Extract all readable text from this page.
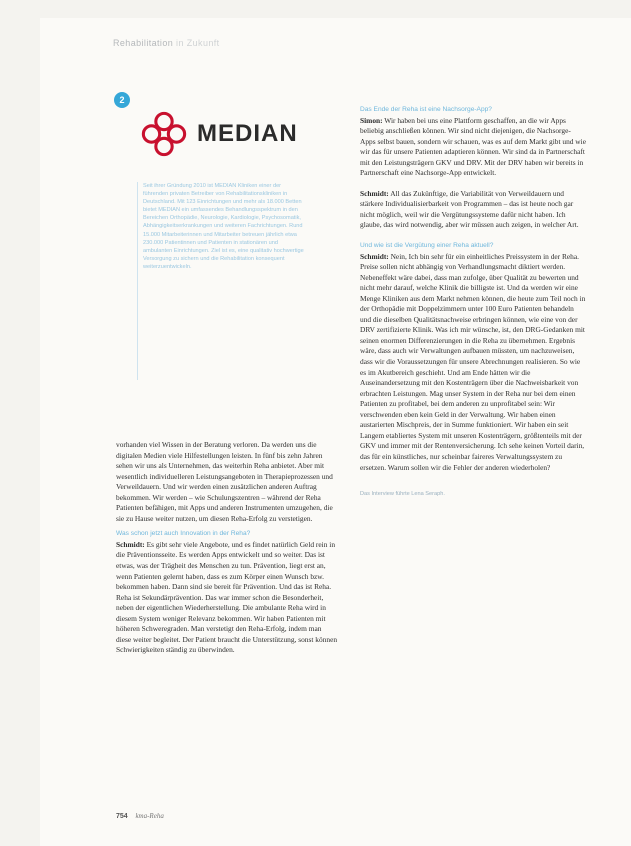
Rehabilitation in Zukunft
2
MEDIAN
Seit ihrer Gründung 2010 ist MEDIAN Kliniken einer der führenden privaten Betreiber von Rehabilitationskliniken in Deutschland. Mit 123 Einrichtungen und mehr als 18.000 Betten bietet MEDIAN ein umfassendes Behandlungsspektrum in den Bereichen Orthopädie, Neurologie, Kardiologie, Psychosomatik, Abhängigkeitserkrankungen und weiteren Fachrichtungen. Rund 15.000 Mitarbeiterinnen und Mitarbeiter betreuen jährlich etwa 230.000 Patientinnen und Patienten in stationären und ambulanten Einrichtungen. Ziel ist es, eine qualitativ hochwertige Versorgung zu sichern und die Rehabilitation konsequent weiterzuentwickeln.

vorhanden viel Wissen in der Beratung verloren. Da werden uns die digitalen Medien viele Hilfestellungen leisten. In fünf bis zehn Jahren sehen wir uns als Unternehmen, das weiterhin Reha anbietet. Aber mit wesentlich individuelleren Leistungsangeboten in Therapieprozessen und Verweildauern. Und wir werden einen zusätzlichen anderen Auftrag bekommen. Wir werden – wie Schulungszentren – während der Reha Patienten befähigen, mit Apps und anderen Instrumenten umzugehen, die sie zu Hause weiter nutzen, um diesen Reha-Erfolg zu verstetigen.

Was schon jetzt auch Innovation in der Reha?

Schmidt: Es gibt sehr viele Angebote, und es findet natürlich Geld rein in die Präventionsseite. Es werden Apps entwickelt und so weiter. Das ist etwas, was der Trägheit des Menschen zu tun. Prävention, liegt erst an, wenn Patienten gelernt haben, dass es zum Körper einen Wunsch bzw. bekommen haben. Dann sind sie bereit für Prävention. Und das ist Reha. Reha ist Sekundärprävention. Das war immer schon die Besonderheit, neben der eigentlichen Wiederherstellung. Die ambulante Reha wird in diesem System weniger Relevanz bekommen. Wir haben Patienten mit höheren Schweregraden. Man verstetigt den Reha-Erfolg, indem man diese weiter begleitet. Der Patient braucht die Unterstützung, sonst können Schwierigkeiten ständig zu überwinden.

Das Ende der Reha ist eine Nachsorge-App?

Simon: Wir haben bei uns eine Plattform geschaffen, an die wir Apps beliebig anschließen können. Wir sind nicht diejenigen, die Nachsorge-Apps selbst bauen, sondern wir schauen, was es auf dem Markt gibt und wie wir das für unsere Patienten adaptieren können. Wir sind da in Partnerschaft mit den Leistungsträgern GKV und DRV. Mit der DRV haben wir bereits in Partnerschaft eine Nachsorge-App entwickelt.

Schmidt: All das Zukünftige, die Variabilität von Verweildauern und stärkere Individualisierbarkeit von Programmen – das ist heute noch gar nicht möglich, weil wir die Vergütungssysteme dafür nicht haben. Ich glaube, das wird notwendig, aber wir müssen auch zeigen, in welcher Art.

Und wie ist die Vergütung einer Reha aktuell?

Schmidt: Nein, Ich bin sehr für ein einheitliches Preissystem in der Reha. Preise sollen nicht abhängig von Verhandlungsmacht diktiert werden. Nebeneffekt wäre dabei, dass man zufolge, über Qualität zu bewerten und nicht mehr darauf, welche Klinik die billigste ist. Und da werden wir eine Menge Kliniken aus dem Markt nehmen können, die heute zum Teil noch in der Orthopädie mit Doppelzimmern unter 100 Euro Patienten behandeln und die dieselben Qualitätsnachweise erbringen können, wie eine von der DRV zertifizierte Klinik. Was ich mir wünsche, ist, den DRG-Gedanken mit seinen enormen Differenzierungen in die Reha zu übernehmen. Ergebnis wäre, dass auch wir Verwaltungen aufbauen müssten, um nachzuweisen, dass wir die Voraussetzungen für unsere Abrechnungen realisieren. So wie es im Akutbereich geschieht. Und am Ende hätten wir die Auseinandersetzung mit den Kostenträgern über die Nachweisbarkeit von erbrachten Leistungen. Mag unser System in der Reha nur bei dem einen Patienten zu profitabel, bei dem anderen zu unprofitabel sein: Wir verschwenden eben kein Geld in der Verwaltung. Wir haben einen austarierten Mischpreis, der in Summe funktioniert. Wir haben ein seit Langem etabliertes System mit unseren Kostenträgern, größtenteils mit der GKV und immer mit der Rentenversicherung. Ich sehe keinen Vorteil darin, das für ein künstliches, nur scheinbar faireres Verwaltungssystem zu ersetzen. Warum sollen wir die Fehler der anderen wiederholen?

Das Interview führte Lena Seraph.

754 kma-Reha
